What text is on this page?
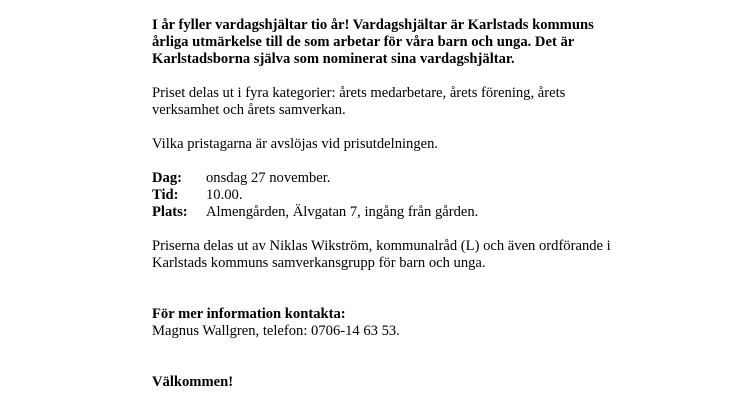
I år fyller vardagshjältar tio år! Vardagshjältar är Karlstads kommuns årliga utmärkelse till de som arbetar för våra barn och unga. Det är Karlstadsborna själva som nominerat sina vardagshjältar.

Priset delas ut i fyra kategorier: årets medarbetare, årets förening, årets verksamhet och årets samverkan.

Vilka pristagarna är avslöjas vid prisutdelningen.

Dag:	onsdag 27 november.
Tid:	10.00.
Plats:	Almengården, Älvgatan 7, ingång från gården.

Priserna delas ut av Niklas Wikström, kommunalråd (L) och även ordförande i Karlstads kommuns samverkansgrupp för barn och unga.

För mer information kontakta:

Magnus Wallgren, telefon: 0706-14 63 53.

Välkommen!
